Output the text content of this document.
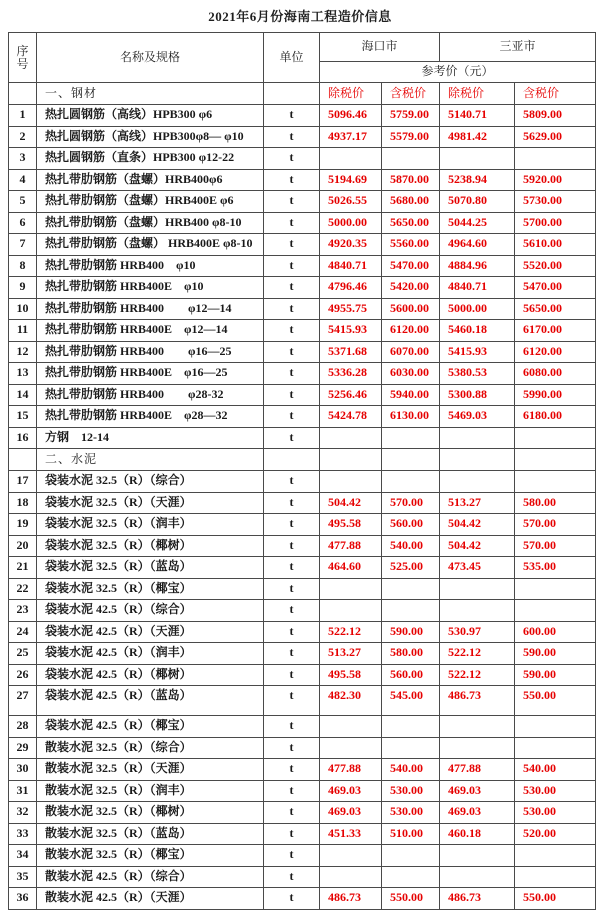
2021年6月份海南工程造价信息
序
号	名称及规格	单位	海口市		三亚市	
			参考价（元）			
	一、钢材		除税价	含税价	除税价	含税价
1	热扎圆钢筋（高线）HPB300 φ6	t	5096.46	5759.00	5140.71	5809.00
2	热扎圆钢筋（高线）HPB300φ8— φ10	t	4937.17	5579.00	4981.42	5629.00
3	热扎圆钢筋（直条）HPB300 φ12-22	t				
4	热扎带肋钢筋（盘螺）HRB400φ6	t	5194.69	5870.00	5238.94	5920.00
5	热扎带肋钢筋（盘螺）HRB400E φ6	t	5026.55	5680.00	5070.80	5730.00
6	热扎带肋钢筋（盘螺）HRB400 φ8-10	t	5000.00	5650.00	5044.25	5700.00
7	热扎带肋钢筋（盘螺） HRB400E φ8-10	t	4920.35	5560.00	4964.60	5610.00
8	热扎带肋钢筋 HRB400　φ10	t	4840.71	5470.00	4884.96	5520.00
9	热扎带肋钢筋 HRB400E　φ10	t	4796.46	5420.00	4840.71	5470.00
10	热扎带肋钢筋 HRB400　　φ12—14	t	4955.75	5600.00	5000.00	5650.00
11	热扎带肋钢筋 HRB400E　φ12—14	t	5415.93	6120.00	5460.18	6170.00
12	热扎带肋钢筋 HRB400　　φ16—25	t	5371.68	6070.00	5415.93	6120.00
13	热扎带肋钢筋 HRB400E　φ16—25	t	5336.28	6030.00	5380.53	6080.00
14	热扎带肋钢筋 HRB400　　φ28-32	t	5256.46	5940.00	5300.88	5990.00
15	热扎带肋钢筋 HRB400E　φ28—32	t	5424.78	6130.00	5469.03	6180.00
16	方钢　12-14	t				
	二、水泥					
17	袋装水泥 32.5（R）（综合）	t				
18	袋装水泥 32.5（R）（天涯）	t	504.42	570.00	513.27	580.00
19	袋装水泥 32.5（R）（润丰）	t	495.58	560.00	504.42	570.00
20	袋装水泥 32.5（R）（椰树）	t	477.88	540.00	504.42	570.00
21	袋装水泥 32.5（R）（蓝岛）	t	464.60	525.00	473.45	535.00
22	袋装水泥 32.5（R）（椰宝）	t				
23	袋装水泥 42.5（R）（综合）	t				
24	袋装水泥 42.5（R）（天涯）	t	522.12	590.00	530.97	600.00
25	袋装水泥 42.5（R）（润丰）	t	513.27	580.00	522.12	590.00
26	袋装水泥 42.5（R）（椰树）	t	495.58	560.00	522.12	590.00
27	袋装水泥 42.5（R）（蓝岛）	t	482.30	545.00	486.73	550.00
28	袋装水泥 42.5（R）（椰宝）	t				
29	散装水泥 32.5（R）（综合）	t				
30	散装水泥 32.5（R）（天涯）	t	477.88	540.00	477.88	540.00
31	散装水泥 32.5（R）（润丰）	t	469.03	530.00	469.03	530.00
32	散装水泥 32.5（R）（椰树）	t	469.03	530.00	469.03	530.00
33	散装水泥 32.5（R）（蓝岛）	t	451.33	510.00	460.18	520.00
34	散装水泥 32.5（R）（椰宝）	t				
35	散装水泥 42.5（R）（综合）	t				
36	散装水泥 42.5（R）（天涯）	t	486.73	550.00	486.73	550.00
